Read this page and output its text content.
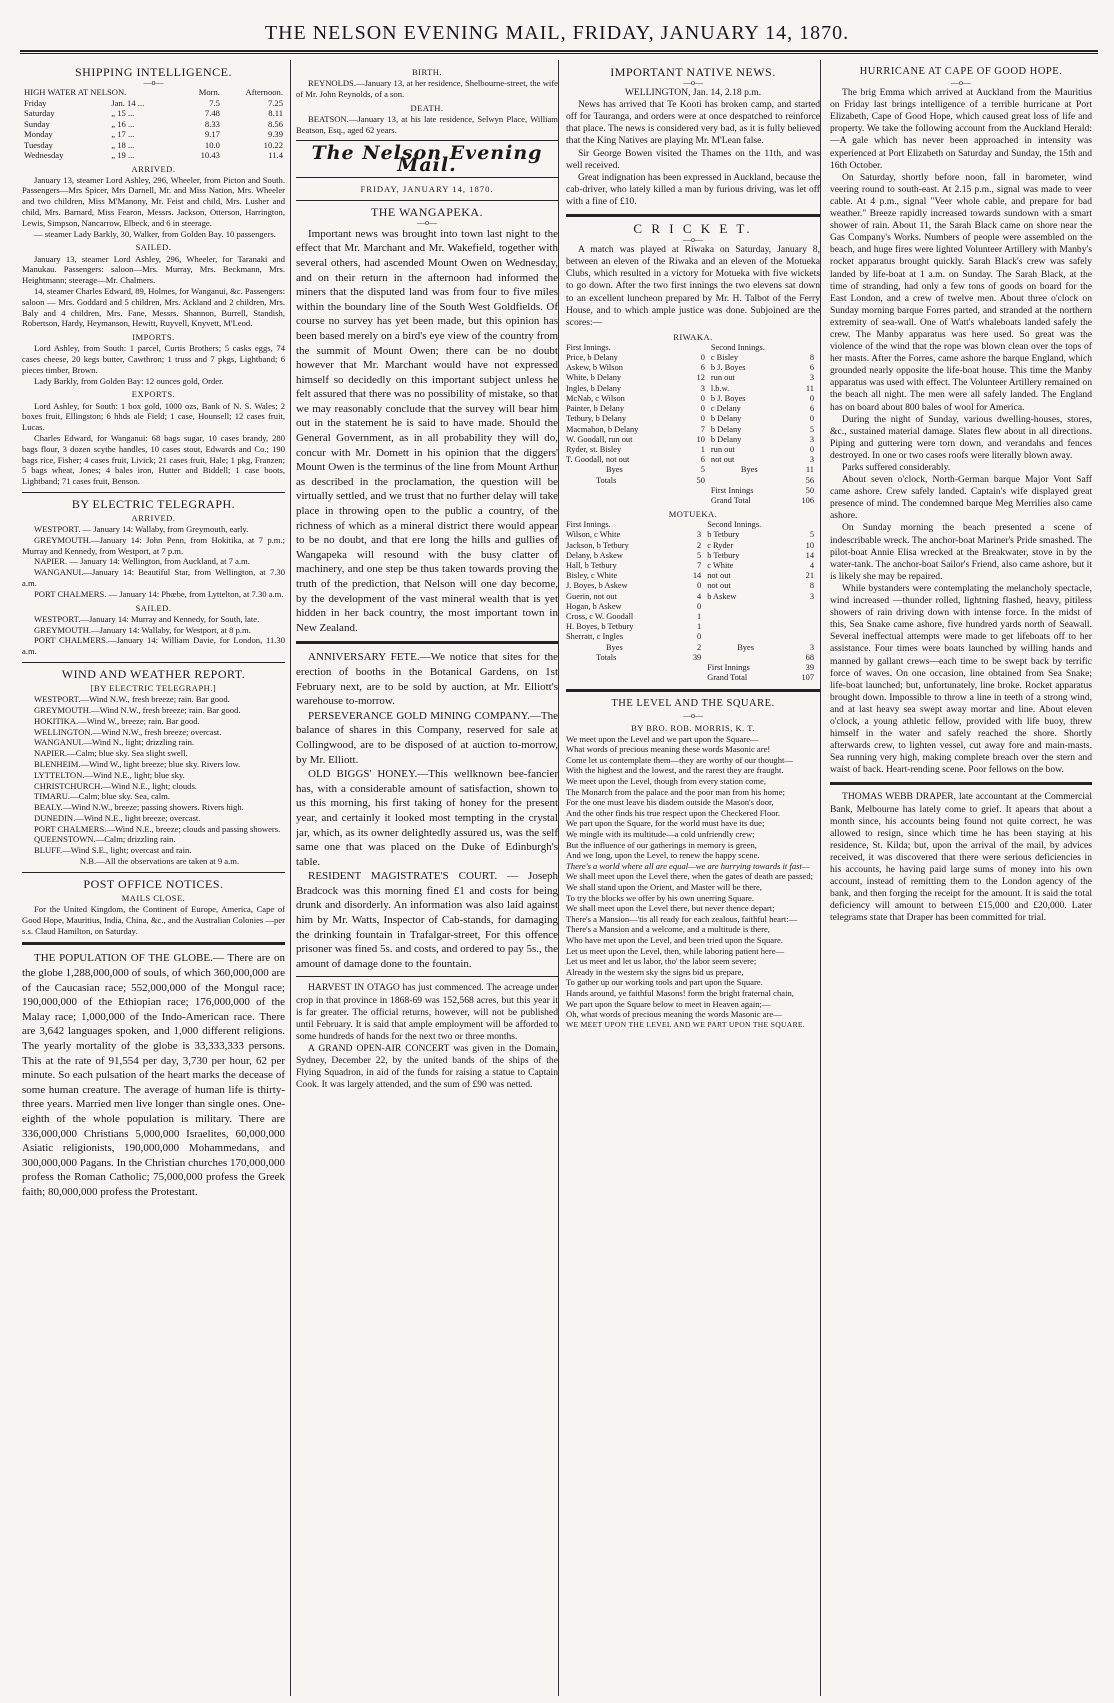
THE NELSON EVENING MAIL, FRIDAY, JANUARY 14, 1870.
SHIPPING INTELLIGENCE.
—o—
HIGH WATER AT NELSON.		Morn.	Afternoon.
Friday	Jan. 14 ...	7.5	7.25
Saturday	„ 15 ...	7.48	8.11
Sunday	„ 16 ...	8.33	8.56
Monday	„ 17 ...	9.17	9.39
Tuesday	„ 18 ...	10.0	10.22
Wednesday	„ 19 ...	10.43	11.4
ARRIVED.

January 13, steamer Lord Ashley, 296, Wheeler, from Picton and South. Passengers—Mrs Spicer, Mrs Darnell, Mr. and Miss Nation, Mrs. Wheeler and two children, Miss M'Manony, Mr. Feist and child, Mrs. Lusher and child, Mrs. Barnard, Miss Fearon, Messrs. Jackson, Otterson, Harrington, Lewis, Simpson, Nancarrow, Elbeck, and 6 in steerage.

— steamer Lady Barkly, 30, Walker, from Golden Bay. 10 passengers.

SAILED.

January 13, steamer Lord Ashley, 296, Wheeler, for Taranaki and Manukau. Passengers: saloon—Mrs. Murray, Mrs. Beckmann, Mrs. Heightmann; steerage—Mr. Chalmers.

14, steamer Charles Edward, 89, Holmes, for Wanganui, &c. Passengers: saloon — Mrs. Goddard and 5 children, Mrs. Ackland and 2 children, Mrs. Baly and 4 children, Mrs. Fane, Messrs. Shannon, Burrell, Standish, Robertson, Hardy, Heymanson, Hewitt, Ruyvell, Knyvett, M'Leod.

IMPORTS.

Lord Ashley, from South: 1 parcel, Curtis Brothers; 5 casks eggs, 74 cases cheese, 20 kegs butter, Cawthron; 1 truss and 7 pkgs, Lightband; 6 pieces timber, Brown.

Lady Barkly, from Golden Bay: 12 ounces gold, Order.

EXPORTS.

Lord Ashley, for South: 1 box gold, 1000 ozs, Bank of N. S. Wales; 2 boxes fruit, Ellingston; 6 hhds ale Field; 1 case, Hounsell; 12 cases fruit, Lucas.

Charles Edward, for Wanganui: 68 bags sugar, 10 cases brandy, 280 bags flour, 3 dozen scythe handles, 10 cases stout, Edwards and Co.; 190 bags rice, Fisher; 4 cases fruit, Livick; 21 cases fruit, Hale; 1 pkg, Franzen; 5 bags wheat, Jones; 4 bales iron, Hutter and Biddell; 1 case boots, Lightband; 71 cases fruit, Benson.

BY ELECTRIC TELEGRAPH.
ARRIVED.

WESTPORT. — January 14: Wallaby, from Greymouth, early.

GREYMOUTH.—January 14: John Penn, from Hokitika, at 7 p.m.; Murray and Kennedy, from Westport, at 7 p.m.

NAPIER. — January 14: Wellington, from Auckland, at 7 a.m.

WANGANUI.—January 14: Beautiful Star, from Wellington, at 7.30 a.m.

PORT CHALMERS. — January 14: Phœbe, from Lyttelton, at 7.30 a.m.

SAILED.

WESTPORT.—January 14: Murray and Kennedy, for South, late.

GREYMOUTH.—January 14: Wallaby, for Westport, at 8 p.m.

PORT CHALMERS.—January 14: William Davie, for London, 11.30 a.m.

WIND AND WEATHER REPORT.
[BY ELECTRIC TELEGRAPH.]

WESTPORT.—Wind N.W., fresh breeze; rain. Bar good.

GREYMOUTH.—Wind N.W., fresh breeze; rain. Bar good.

HOKITIKA.—Wind W., breeze; rain. Bar good.

WELLINGTON.—Wind N.W., fresh breeze; overcast.

WANGANUI.—Wind N., light; drizzling rain.

NAPIER.—Calm; blue sky. Sea slight swell.

BLENHEIM.—Wind W., light breeze; blue sky. Rivers low.

LYTTELTON.—Wind N.E., light; blue sky.

CHRISTCHURCH.—Wind N.E., light; clouds.

TIMARU.—Calm; blue sky. Sea, calm.

BEALY.—Wind N.W., breeze; passing showers. Rivers high.

DUNEDIN.—Wind N.E., light breeze; overcast.

PORT CHALMERS.—Wind N.E., breeze; clouds and passing showers.

QUEENSTOWN.—Calm; drizzling rain.

BLUFF.—Wind S.E., light; overcast and rain.

N.B.—All the observations are taken at 9 a.m.

POST OFFICE NOTICES.
MAILS CLOSE.

For the United Kingdom, the Continent of Europe, America, Cape of Good Hope, Mauritius, India, China, &c., and the Australian Colonies —per s.s. Claud Hamilton, on Saturday.

THE POPULATION OF THE GLOBE.— There are on the globe 1,288,000,000 of souls, of which 360,000,000 are of the Caucasian race; 552,000,000 of the Mongul race; 190,000,000 of the Ethiopian race; 176,000,000 of the Malay race; 1,000,000 of the Indo-American race. There are 3,642 languages spoken, and 1,000 different religions. The yearly mortality of the globe is 33,333,333 persons. This at the rate of 91,554 per day, 3,730 per hour, 62 per minute. So each pulsation of the heart marks the decease of some human creature. The average of human life is thirty-three years. Married men live longer than single ones. One-eighth of the whole population is military. There are 336,000,000 Christians 5,000,000 Israelites, 60,000,000 Asiatic religionists, 190,000,000 Mohammedans, and 300,000,000 Pagans. In the Christian churches 170,000,000 profess the Roman Catholic; 75,000,000 profess the Greek faith; 80,000,000 profess the Protestant.

BIRTH.

REYNOLDS.—January 13, at her residence, Shelbourne-street, the wife of Mr. John Reynolds, of a son.

DEATH.

BEATSON.—January 13, at his late residence, Selwyn Place, William Beatson, Esq., aged 62 years.

The Nelson Evening Mail.
FRIDAY, JANUARY 14, 1870.
THE WANGAPEKA.
—o—

Important news was brought into town last night to the effect that Mr. Marchant and Mr. Wakefield, together with several others, had ascended Mount Owen on Wednesday, and on their return in the afternoon had informed the miners that the disputed land was from four to five miles within the boundary line of the South West Goldfields. Of course no survey has yet been made, but this opinion has been based merely on a bird's eye view of the country from the summit of Mount Owen; there can be no doubt however that Mr. Marchant would have not expressed himself so decidedly on this important subject unless he felt assured that there was no possibility of mistake, so that we may reasonably conclude that the survey will bear him out in the statement he is said to have made. Should the General Government, as in all probability they will do, concur with Mr. Domett in his opinion that the diggers' Mount Owen is the terminus of the line from Mount Arthur as described in the proclamation, the question will be virtually settled, and we trust that no further delay will take place in throwing open to the public a country, of the richness of which as a mineral district there would appear to be no doubt, and that ere long the hills and gullies of Wangapeka will resound with the busy clatter of machinery, and one step be thus taken towards proving the truth of the prediction, that Nelson will one day become, by the development of the vast mineral wealth that is yet hidden in her back country, the most important town in New Zealand.

ANNIVERSARY FETE.—We notice that sites for the erection of booths in the Botanical Gardens, on 1st February next, are to be sold by auction, at Mr. Elliott's warehouse to-morrow.

PERSEVERANCE GOLD MINING COMPANY.—The balance of shares in this Company, reserved for sale at Collingwood, are to be disposed of at auction to-morrow, by Mr. Elliott.

OLD BIGGS' HONEY.—This wellknown bee-fancier has, with a considerable amount of satisfaction, shown to us this morning, his first taking of honey for the present year, and certainly it looked most tempting in the crystal jar, which, as its owner delightedly assured us, was the self same one that was placed on the Duke of Edinburgh's table.

RESIDENT MAGISTRATE'S COURT. — Joseph Bradcock was this morning fined £1 and costs for being drunk and disorderly. An information was also laid against him by Mr. Watts, Inspector of Cab-stands, for damaging the drinking fountain in Trafalgar-street, For this offence prisoner was fined 5s. and costs, and ordered to pay 5s., the amount of damage done to the fountain.

HARVEST IN OTAGO has just commenced. The acreage under crop in that province in 1868-69 was 152,568 acres, but this year it is far greater. The official returns, however, will not be published until February. It is said that ample employment will be afforded to some hundreds of hands for the next two or three months.

A GRAND OPEN-AIR CONCERT was given in the Domain, Sydney, December 22, by the united bands of the ships of the Flying Squadron, in aid of the funds for raising a statue to Captain Cook. It was largely attended, and the sum of £90 was netted.

IMPORTANT NATIVE NEWS.
—o—
WELLINGTON, Jan. 14, 2.18 p.m.

News has arrived that Te Kooti has broken camp, and started off for Tauranga, and orders were at once despatched to reinforce that place. The news is considered very bad, as it is fully believed that the King Natives are playing Mr. M'Lean false.

Sir George Bowen visited the Thames on the 11th, and was well received.

Great indignation has been expressed in Auckland, because the cab-driver, who lately killed a man by furious driving, was let off with a fine of £10.

C R I C K E T.
—o—

A match was played at Riwaka on Saturday, January 8, between an eleven of the Riwaka and an eleven of the Motueka Clubs, which resulted in a victory for Motueka with five wickets to go down. After the two first innings the two elevens sat down to an excellent luncheon prepared by Mr. H. Talbot of the Ferry House, and to which ample justice was done. Subjoined are the scores:—

RIWAKA.
First Innings.		Second Innings.	
Price, b Delany	0	c Bisley	8
Askew, b Wilson	6	b J. Boyes	6
White, b Delany	12	run out	3
Ingles, b Delany	3	l.b.w.	11
McNab, c Wilson	0	b J. Boyes	0
Painter, b Delany	0	c Delany	6
Tetbury, b Delany	0	b Delany	0
Macmahon, b Delany	7	b Delany	5
W. Goodall, run out	10	b Delany	3
Ryder, st. Bisley	1	run out	0
T. Goodall, not out	6	not out	3
Byes	5	Byes	11
Totals	50		56
		First Innings	50
		Grand Total	106
MOTUEKA.
First Innings.		Second Innings.	
Wilson, c White	3	b Tetbury	5
Jackson, b Tetbury	2	c Ryder	10
Delany, b Askew	5	b Tetbury	14
Hall, b Tetbury	7	c White	4
Bisley, c White	14	not out	21
J. Boyes, b Askew	0	not out	8
Guerin, not out	4	b Askew	3
Hogan, b Askew	0		
Cross, c W. Goodall	1		
H. Boyes, b Tetbury	1		
Sherratt, c Ingles	0		
Byes	2	Byes	3
Totals	39		68
		First Innings	39
		Grand Total	107
THE LEVEL AND THE SQUARE.
—o—
BY BRO. ROB. MORRIS, K. T.

We meet upon the Level and we part upon the Square—

What words of precious meaning these words Masonic are!

Come let us contemplate them—they are worthy of our thought—

With the highest and the lowest, and the rarest they are fraught.

We meet upon the Level, though from every station come,

The Monarch from the palace and the poor man from his home;

For the one must leave his diadem outside the Mason's door,

And the other finds his true respect upon the Checkered Floor.

We part upon the Square, for the world must have its due;

We mingle with its multitude—a cold unfriendly crew;

But the influence of our gatherings in memory is green,

And we long, upon the Level, to renew the happy scene.

There's a world where all are equal—we are hurrying towards it fast—

We shall meet upon the Level there, when the gates of death are passed;

We shall stand upon the Orient, and Master will be there,

To try the blocks we offer by his own unerring Square.

We shall meet upon the Level there, but never thence depart;

There's a Mansion—'tis all ready for each zealous, faithful heart:—

There's a Mansion and a welcome, and a multitude is there,

Who have met upon the Level, and been tried upon the Square.

Let us meet upon the Level, then, while laboring patient here—

Let us meet and let us labor, tho' the labor seem severe;

Already in the western sky the signs bid us prepare,

To gather up our working tools and part upon the Square.

Hands around, ye faithful Masons! form the bright fraternal chain,

We part upon the Square below to meet in Heaven again;—

Oh, what words of precious meaning the words Masonic are—

WE MEET UPON THE LEVEL AND WE PART UPON THE SQUARE.

HURRICANE AT CAPE OF GOOD HOPE.
—o—

The brig Emma which arrived at Auckland from the Mauritius on Friday last brings intelligence of a terrible hurricane at Port Elizabeth, Cape of Good Hope, which caused great loss of life and property. We take the following account from the Auckland Herald:—A gale which has never been approached in intensity was experienced at Port Elizabeth on Saturday and Sunday, the 15th and 16th October.

On Saturday, shortly before noon, fall in barometer, wind veering round to south-east. At 2.15 p.m., signal was made to veer cable. At 4 p.m., signal "Veer whole cable, and prepare for bad weather." Breeze rapidly increased towards sundown with a smart shower of rain. About 11, the Sarah Black came on shore near the Gas Company's Works. Numbers of people were assembled on the beach, and huge fires were lighted Volunteer Artillery with Manby's rocket apparatus brought quickly. Sarah Black's crew was safely landed by life-boat at 1 a.m. on Sunday. The Sarah Black, at the time of stranding, had only a few tons of goods on board for the East London, and a crew of twelve men. About three o'clock on Sunday morning barque Forres parted, and stranded at the northern extremity of sea-wall. One of Watt's whaleboats landed safely the crew. The Manby apparatus was here used. So great was the violence of the wind that the rope was blown clean over the tops of her masts. After the Forres, came ashore the barque England, which grounded nearly opposite the life-boat house. This time the Manby apparatus was used with effect. The Volunteer Artillery remained on the beach all night. The men were all safely landed. The England has on board about 800 bales of wool for America.

During the night of Sunday, various dwelling-houses, stores, &c., sustained material damage. Slates flew about in all directions. Piping and guttering were torn down, and verandahs and fences destroyed. In one or two cases roofs were literally blown away.

Parks suffered considerably.

About seven o'clock, North-German barque Major Vont Saff came ashore. Crew safely landed. Captain's wife displayed great presence of mind. The condemned barque Meg Merrilies also came ashore.

On Sunday morning the beach presented a scene of indescribable wreck. The anchor-boat Mariner's Pride smashed. The pilot-boat Annie Elisa wrecked at the Breakwater, stove in by the water-tank. The anchor-boat Sailor's Friend, also came ashore, but it is likely she may be repaired.

While bystanders were contemplating the melancholy spectacle, wind increased —thunder rolled, lightning flashed, heavy, pitiless showers of rain driving down with intense force. In the midst of this, Sea Snake came ashore, five hundred yards north of Seawall. Several ineffectual attempts were made to get lifeboats off to her assistance. Four times were boats launched by willing hands and manned by gallant crews—each time to be swept back by terrific force of waves. On one occasion, line obtained from Sea Snake; life-boat launched; but, unfortunately, line broke. Rocket apparatus brought down. Impossible to throw a line in teeth of a strong wind, and at last heavy sea swept away mortar and line. About eleven o'clock, a young athletic fellow, provided with life buoy, threw himself in the water and safely reached the shore. Shortly afterwards crew, to lighten vessel, cut away fore and main-masts. Sea running very high, making complete breach over the stern and waist of back. Heart-rending scene. Poor fellows on the bow.

THOMAS WEBB DRAPER, late accountant at the Commercial Bank, Melbourne has lately come to grief. It apears that about a month since, his accounts being found not quite correct, he was allowed to resign, since which time he has been staying at his residence, St. Kilda; but, upon the arrival of the mail, by advices received, it was discovered that there were serious deficiencies in his accounts, he having paid large sums of money into his own account, instead of remitting them to the London agency of the bank, and then forging the receipt for the amount. It is said the total deficiency will amount to between £15,000 and £20,000. Later telegrams state that Draper has been committed for trial.
